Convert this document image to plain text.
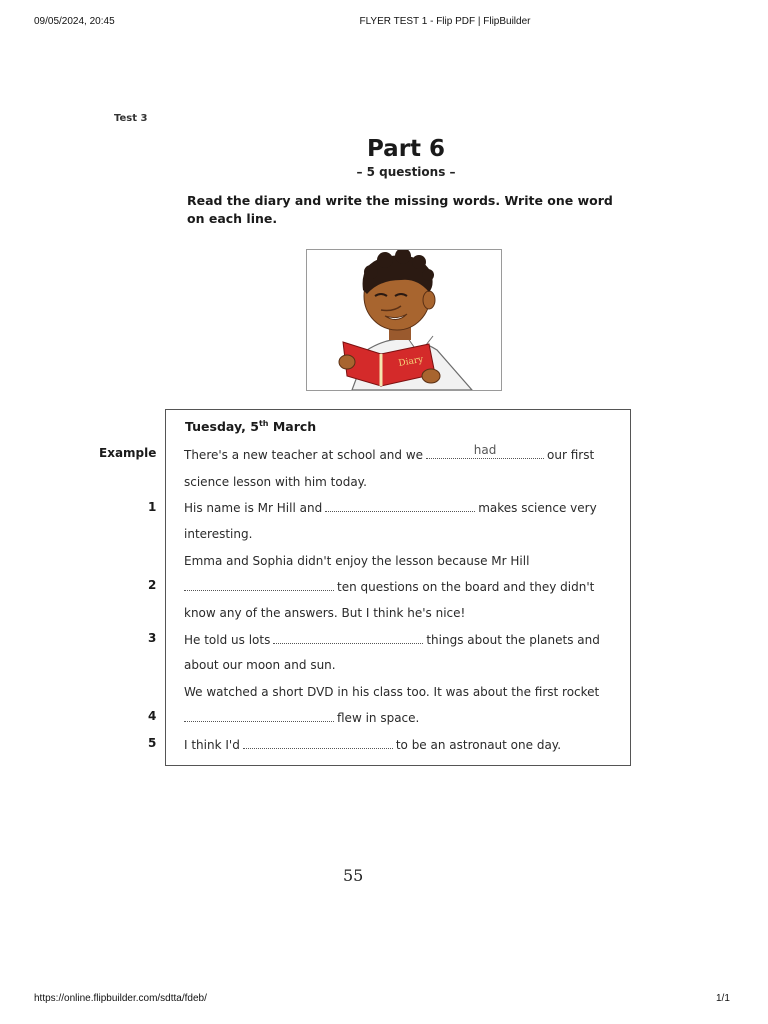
09/05/2024, 20:45	FLYER TEST 1 - Flip PDF | FlipBuilder
Test 3
Part 6
– 5 questions –
Read the diary and write the missing words. Write one word on each line.
Diary
Tuesday, 5th March
Example
1
2
3
4
5
There's a new teacher at school and we	had	our first
science lesson with him today.
His name is Mr Hill and	makes science very
interesting.
Emma and Sophia didn't enjoy the lesson because Mr Hill
ten questions on the board and they didn't
know any of the answers. But I think he's nice!
He told us lots	things about the planets and
about our moon and sun.
We watched a short DVD in his class too. It was about the first rocket
flew in space.
I think I'd	to be an astronaut one day.
55
https://online.flipbuilder.com/sdtta/fdeb/	1/1
